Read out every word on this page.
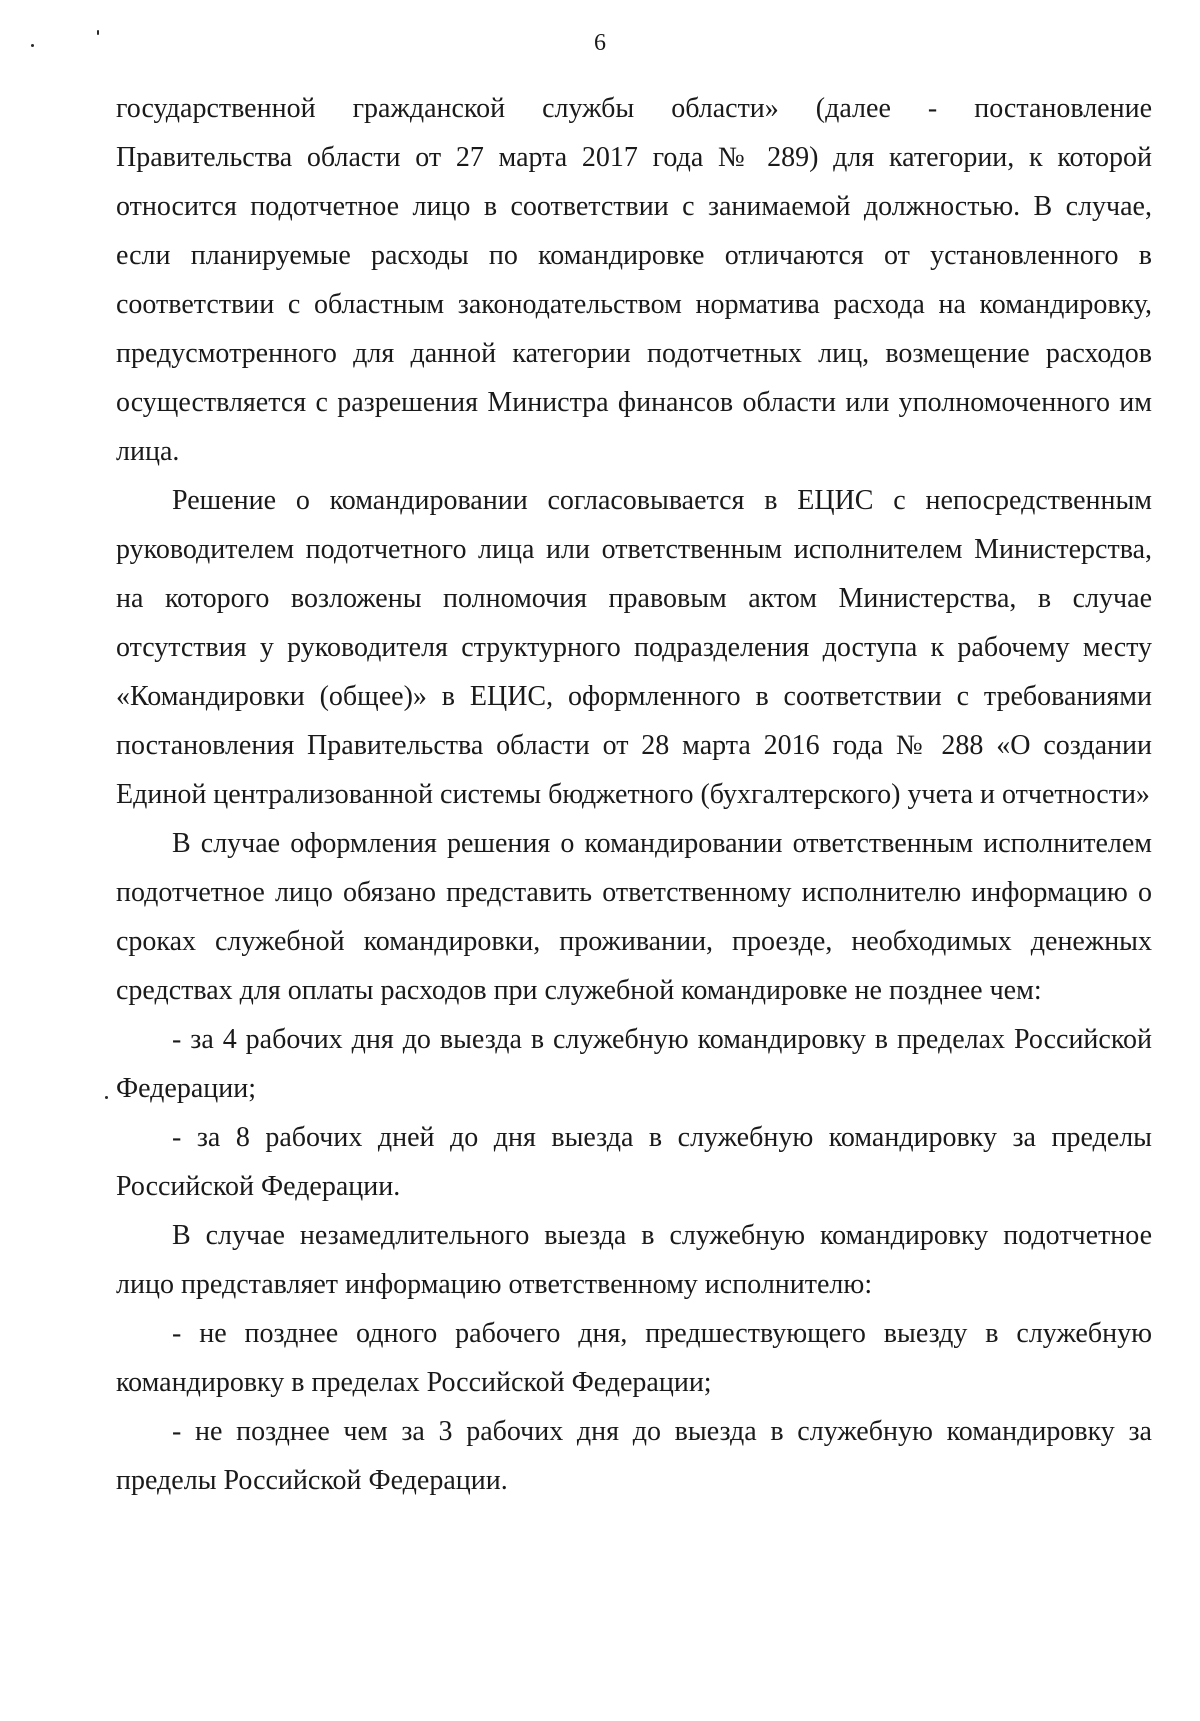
6

государственной гражданской службы области» (далее - постановление Правительства области от 27 марта 2017 года № 289) для категории, к которой относится подотчетное лицо в соответствии с занимаемой должностью. В случае, если планируемые расходы по командировке отличаются от установленного в соответствии с областным законодательством норматива расхода на командировку, предусмотренного для данной категории подотчетных лиц, возмещение расходов осуществляется с разрешения Министра финансов области или уполномоченного им лица.

Решение о командировании согласовывается в ЕЦИС с непосредственным руководителем подотчетного лица или ответственным исполнителем Министерства, на которого возложены полномочия правовым актом Министерства, в случае отсутствия у руководителя структурного подразделения доступа к рабочему месту «Командировки (общее)» в ЕЦИС, оформленного в соответствии с требованиями постановления Правительства области от 28 марта 2016 года № 288 «О создании Единой централизованной системы бюджетного (бухгалтерского) учета и отчетности»

В случае оформления решения о командировании ответственным исполнителем подотчетное лицо обязано представить ответственному исполнителю информацию о сроках служебной командировки, проживании, проезде, необходимых денежных средствах для оплаты расходов при служебной командировке не позднее чем:

- за 4 рабочих дня до выезда в служебную командировку в пределах Российской Федерации;

- за 8 рабочих дней до дня выезда в служебную командировку за пределы Российской Федерации.

В случае незамедлительного выезда в служебную командировку подотчетное лицо представляет информацию ответственному исполнителю:

- не позднее одного рабочего дня, предшествующего выезду в служебную командировку в пределах Российской Федерации;

- не позднее чем за 3 рабочих дня до выезда в служебную командировку за пределы Российской Федерации.
